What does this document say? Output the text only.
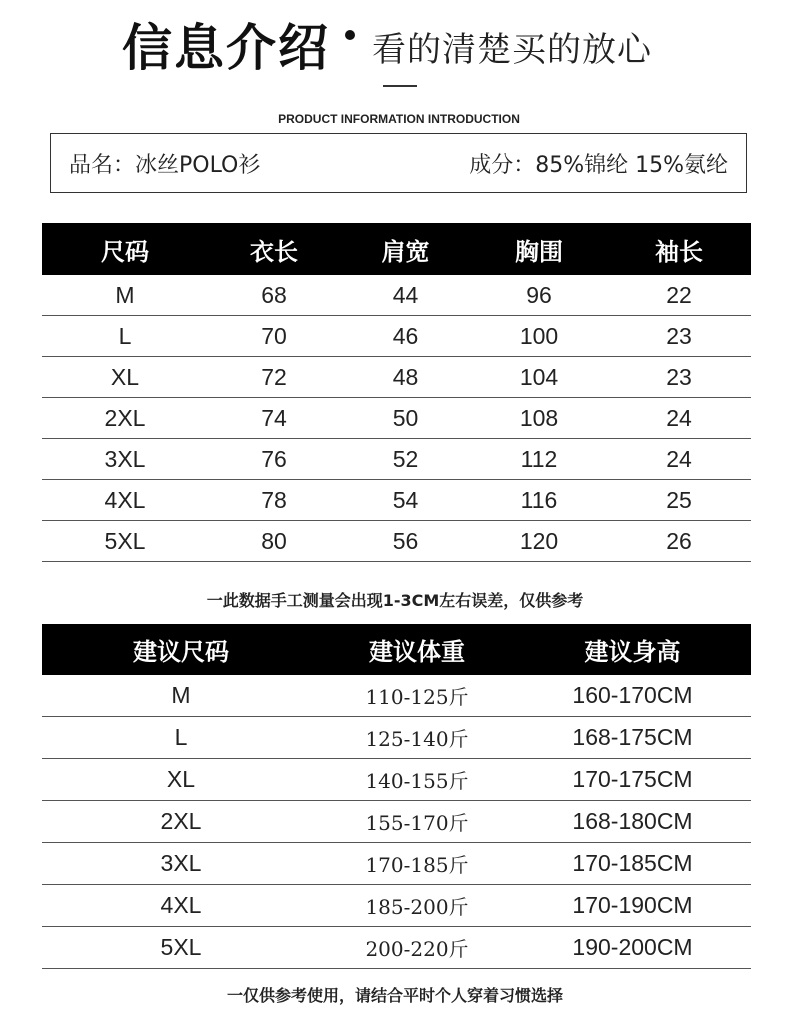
信息介绍 看的清楚买的放心
PRODUCT INFORMATION INTRODUCTION
品名：冰丝POLO衫	成分：85%锦纶 15%氨纶
尺码	衣长	肩宽	胸围	袖长
M	68	44	96	22
L	70	46	100	23
XL	72	48	104	23
2XL	74	50	108	24
3XL	76	52	112	24
4XL	78	54	116	25
5XL	80	56	120	26
一此数据手工测量会出现1-3CM左右误差，仅供参考
建议尺码	建议体重	建议身高
M	110-125斤	160-170CM
L	125-140斤	168-175CM
XL	140-155斤	170-175CM
2XL	155-170斤	168-180CM
3XL	170-185斤	170-185CM
4XL	185-200斤	170-190CM
5XL	200-220斤	190-200CM
一仅供参考使用，请结合平时个人穿着习惯选择
